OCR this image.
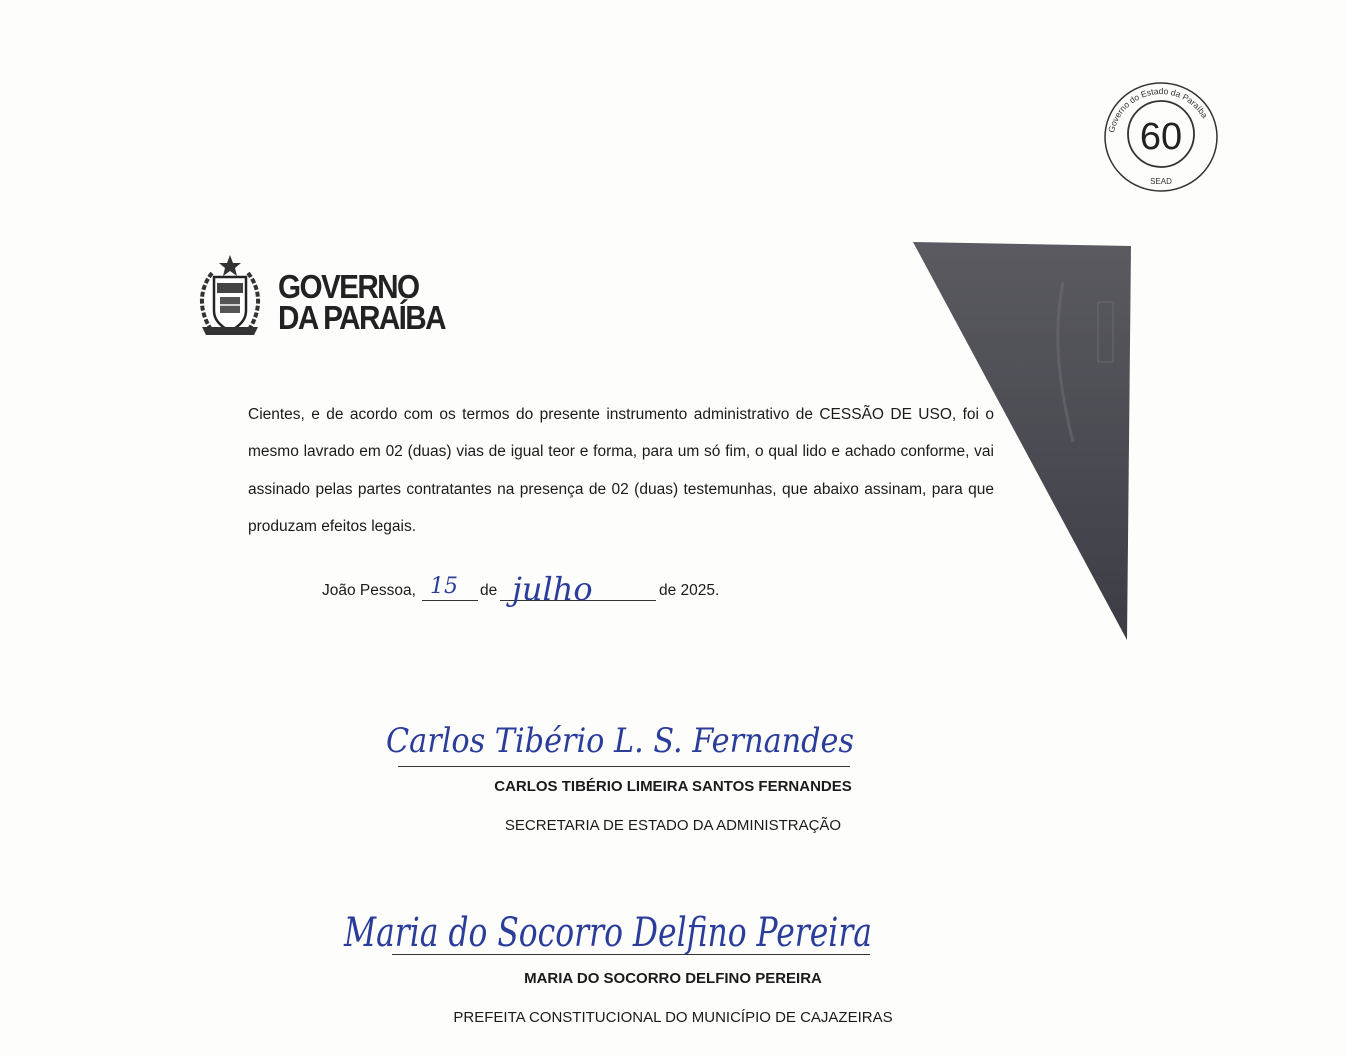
Governo do Estado da Paraíba
60
SEAD
GOVERNO
DA PARAÍBA

Cientes, e de acordo com os termos do presente instrumento administrativo de CESSÃO DE USO, foi o mesmo lavrado em 02 (duas) vias de igual teor e forma, para um só fim, o qual lido e achado conforme, vai assinado pelas partes contratantes na presença de 02 (duas) testemunhas, que abaixo assinam, para que produzam efeitos legais.

João Pessoa, 15 de julho	de 2025.
Carlos Tibério L. S. Fernandes
CARLOS TIBÉRIO LIMEIRA SANTOS FERNANDES
SECRETARIA DE ESTADO DA ADMINISTRAÇÃO
Maria do Socorro Delfino Pereira
MARIA DO SOCORRO DELFINO PEREIRA
PREFEITA CONSTITUCIONAL DO MUNICÍPIO DE CAJAZEIRAS
